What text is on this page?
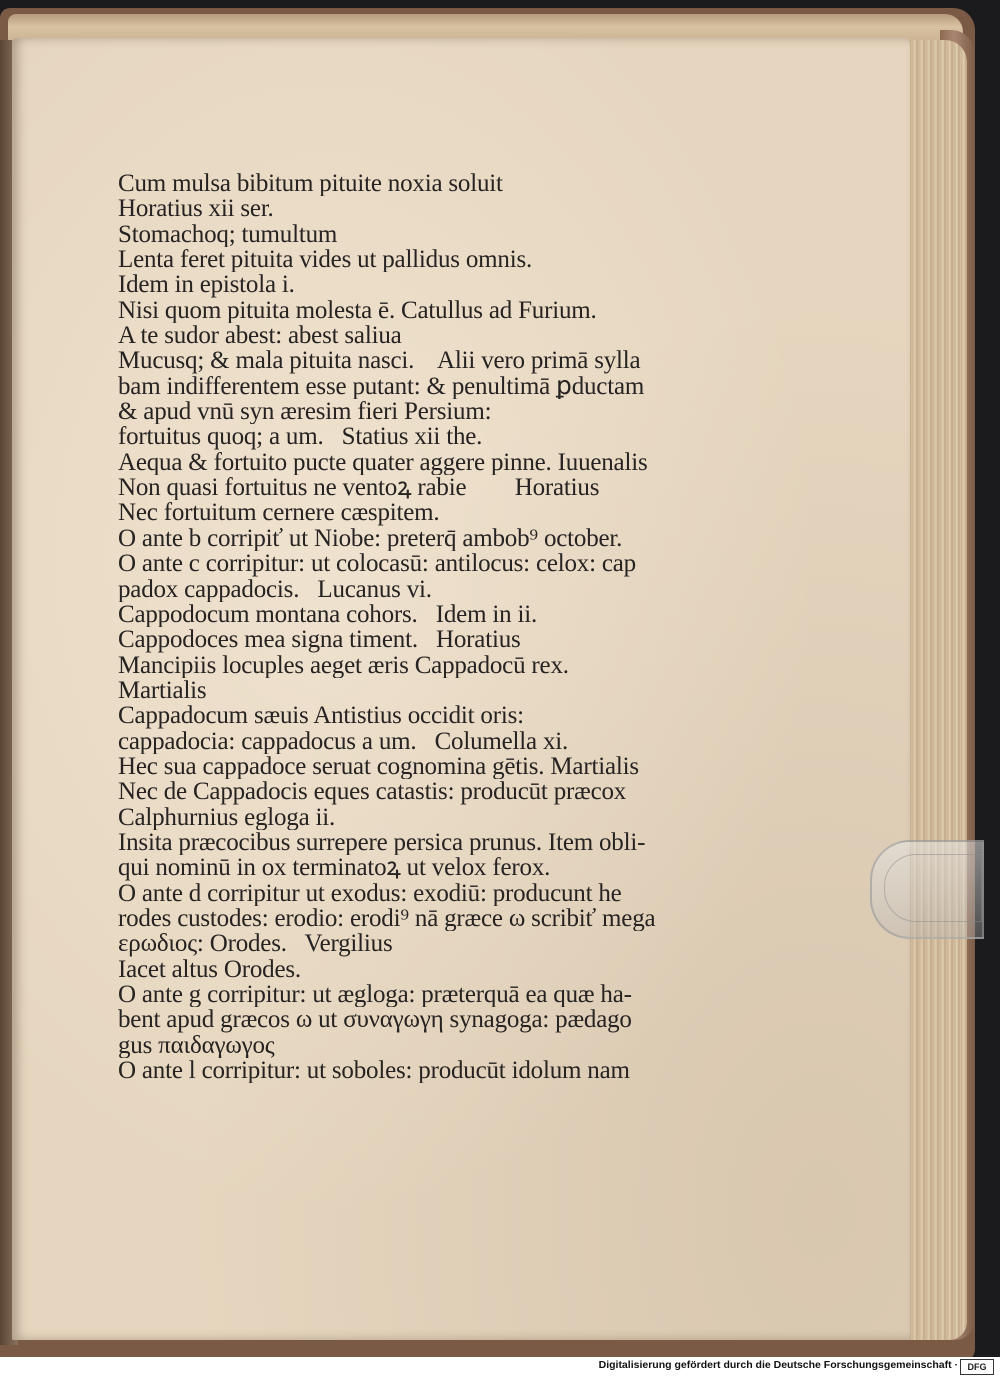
Cum mulsa bibitum pituite noxia soluit
Horatius xii ser.
Stomachoq; tumultum
Lenta feret pituita vides ut pallidus omnis.
Idem in epistola i.
Nisi quom pituita molesta ē. Catullus ad Furium.
A te sudor abest: abest saliua
Mucusq; & mala pituita nasci.    Alii vero primā sylla
bam indifferentem esse putant: & penultimā ꝑductam
& apud vnū syn æresim fieri Persium:
fortuitus quoq; a um.   Statius xii the.
Aequa & fortuito pucte quater aggere pinne. Iuuenalis
Non quasi fortuitus ne ventoꝝ rabie        Horatius
Nec fortuitum cernere cæspitem.
O ante b corripiť ut Niobe: preterq̄ ambob⁹ october.
O ante c corripitur: ut colocasū: antilocus: celox: cap
padox cappadocis.   Lucanus vi.
Cappodocum montana cohors.   Idem in ii.
Cappodoces mea signa timent.   Horatius
Mancipiis locuples aeget æris Cappadocū rex.
Martialis
Cappadocum sæuis Antistius occidit oris:
cappadocia: cappadocus a um.   Columella xi.
Hec sua cappadoce seruat cognomina gētis. Martialis
Nec de Cappadocis eques catastis: producūt præcox
Calphurnius egloga ii.
Insita præcocibus surrepere persica prunus. Item obli-
qui nominū in ox terminatoꝝ ut velox ferox.
O ante d corripitur ut exodus: exodiū: producunt he
rodes custodes: erodio: erodi⁹ nā græce ω scribiť mega
ερωδιος: Orodes.   Vergilius
Iacet altus Orodes.
O ante g corripitur: ut ægloga: præterquā ea quæ ha-
bent apud græcos ω ut συναγωγη synagoga: pædago
gus παιδαγωγος
O ante l corripitur: ut soboles: producūt idolum nam
Digitalisierung gefördert durch die Deutsche Forschungsgemeinschaft ·	DFG
